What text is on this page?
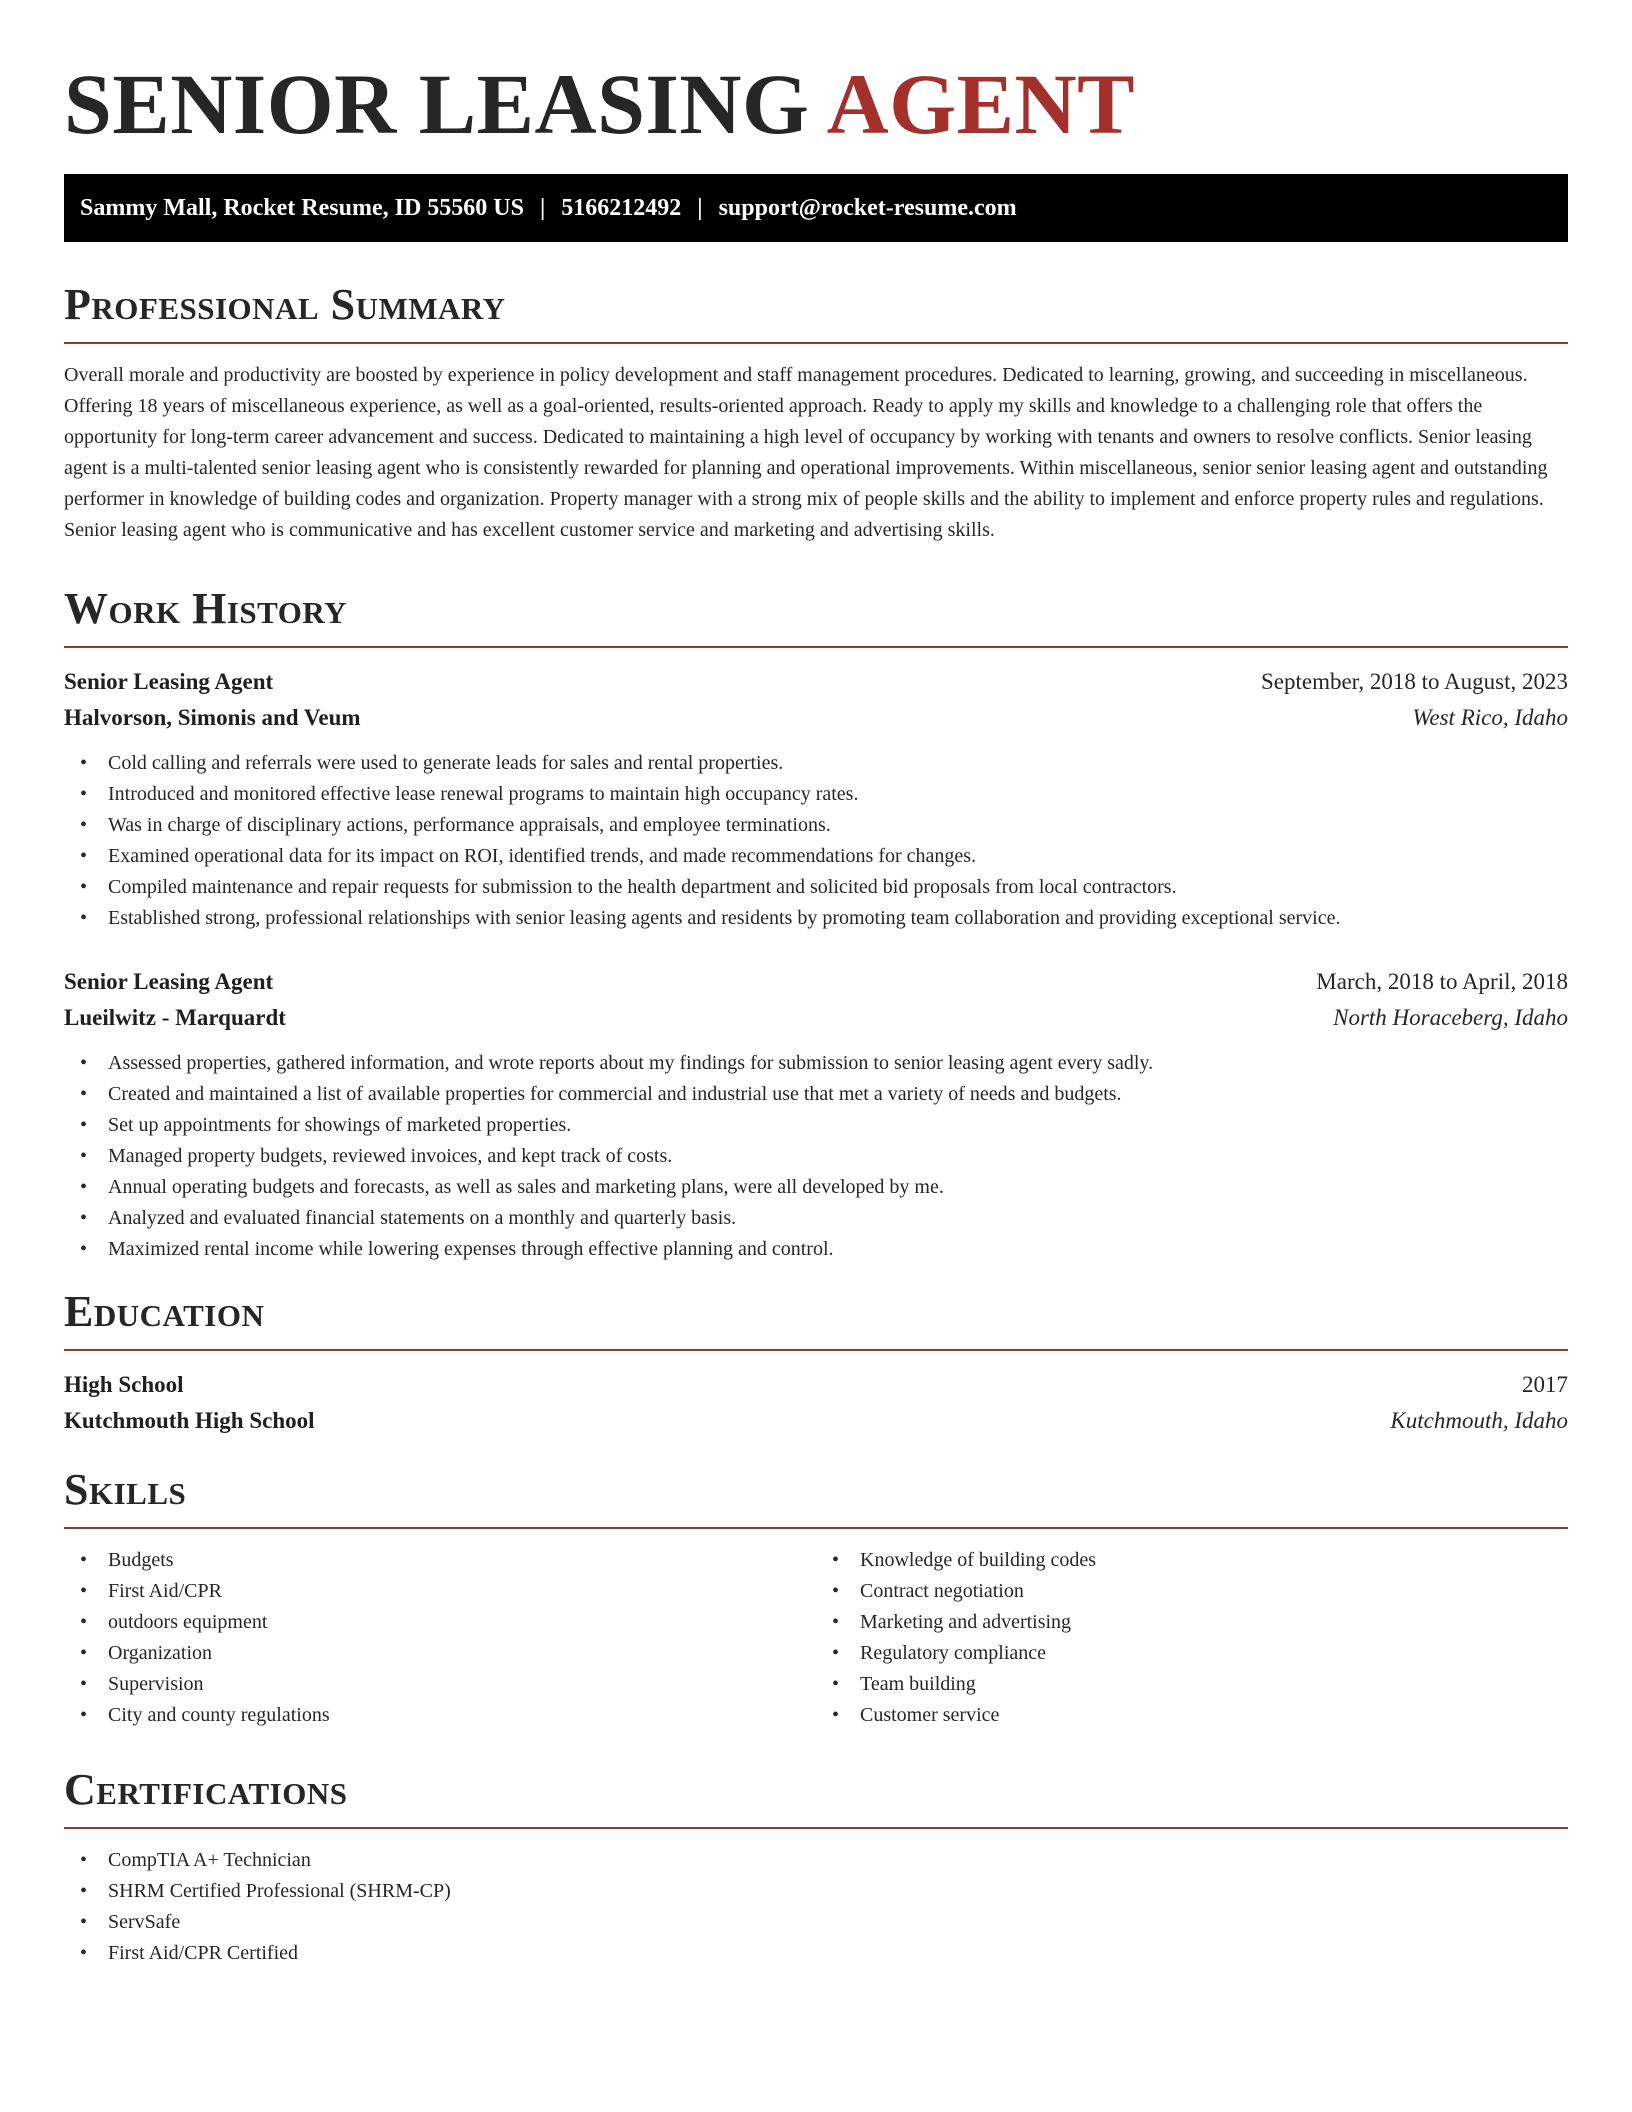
SENIOR LEASING AGENT
Sammy Mall, Rocket Resume, ID 55560 US | 5166212492 | support@rocket-resume.com
Professional Summary

Overall morale and productivity are boosted by experience in policy development and staff management procedures. Dedicated to learning, growing, and succeeding in miscellaneous. Offering 18 years of miscellaneous experience, as well as a goal-oriented, results-oriented approach. Ready to apply my skills and knowledge to a challenging role that offers the opportunity for long-term career advancement and success. Dedicated to maintaining a high level of occupancy by working with tenants and owners to resolve conflicts. Senior leasing agent is a multi-talented senior leasing agent who is consistently rewarded for planning and operational improvements. Within miscellaneous, senior senior leasing agent and outstanding performer in knowledge of building codes and organization. Property manager with a strong mix of people skills and the ability to implement and enforce property rules and regulations. Senior leasing agent who is communicative and has excellent customer service and marketing and advertising skills.

Work History
Senior Leasing Agent	September, 2018 to August, 2023
Halvorson, Simonis and Veum	West Rico, Idaho
• Cold calling and referrals were used to generate leads for sales and rental properties.
• Introduced and monitored effective lease renewal programs to maintain high occupancy rates.
• Was in charge of disciplinary actions, performance appraisals, and employee terminations.
• Examined operational data for its impact on ROI, identified trends, and made recommendations for changes.
• Compiled maintenance and repair requests for submission to the health department and solicited bid proposals from local contractors.
• Established strong, professional relationships with senior leasing agents and residents by promoting team collaboration and providing exceptional service.
Senior Leasing Agent	March, 2018 to April, 2018
Lueilwitz - Marquardt	North Horaceberg, Idaho
• Assessed properties, gathered information, and wrote reports about my findings for submission to senior leasing agent every sadly.
• Created and maintained a list of available properties for commercial and industrial use that met a variety of needs and budgets.
• Set up appointments for showings of marketed properties.
• Managed property budgets, reviewed invoices, and kept track of costs.
• Annual operating budgets and forecasts, as well as sales and marketing plans, were all developed by me.
• Analyzed and evaluated financial statements on a monthly and quarterly basis.
• Maximized rental income while lowering expenses through effective planning and control.
Education
High School	2017
Kutchmouth High School	Kutchmouth, Idaho
Skills
• Budgets
• First Aid/CPR
• outdoors equipment
• Organization
• Supervision
• City and county regulations
• Knowledge of building codes
• Contract negotiation
• Marketing and advertising
• Regulatory compliance
• Team building
• Customer service
Certifications
• CompTIA A+ Technician
• SHRM Certified Professional (SHRM-CP)
• ServSafe
• First Aid/CPR Certified
